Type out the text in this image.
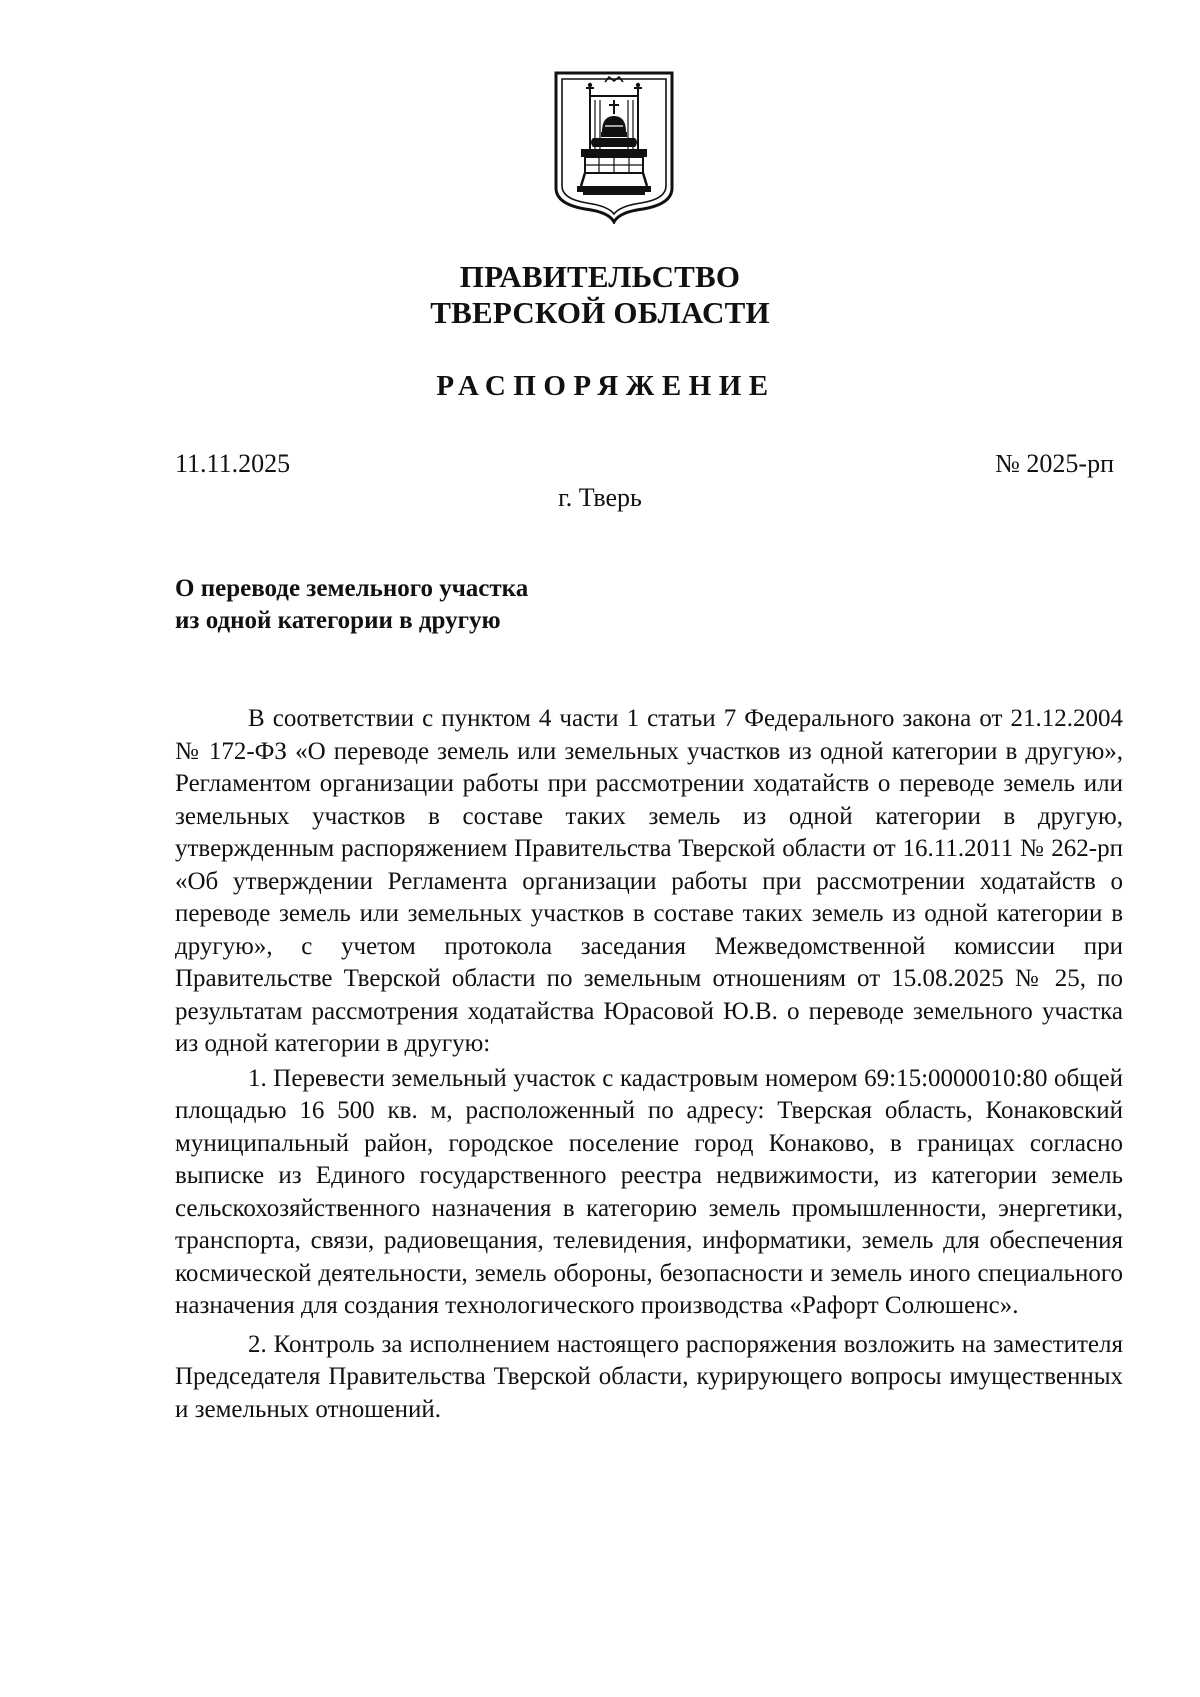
ПРАВИТЕЛЬСТВО
ТВЕРСКОЙ ОБЛАСТИ
РАСПОРЯЖЕНИЕ
11.11.2025	№ 2025-рп
г. Тверь
О переводе земельного участка
из одной категории в другую

В соответствии с пунктом 4 части 1 статьи 7 Федерального закона от 21.12.2004 № 172-ФЗ «О переводе земель или земельных участков из одной категории в другую», Регламентом организации работы при рассмотрении ходатайств о переводе земель или земельных участков в составе таких земель из одной категории в другую, утвержденным распоряжением Правительства Тверской области от 16.11.2011 № 262-рп «Об утверждении Регламента организации работы при рассмотрении ходатайств о переводе земель или земельных участков в составе таких земель из одной категории в другую», с учетом протокола заседания Межведомственной комиссии при Правительстве Тверской области по земельным отношениям от 15.08.2025 № 25, по результатам рассмотрения ходатайства Юрасовой Ю.В. о переводе земельного участка из одной категории в другую:

1. Перевести земельный участок с кадастровым номером 69:15:0000010:80 общей площадью 16 500 кв. м, расположенный по адресу: Тверская область, Конаковский муниципальный район, городское поселение город Конаково, в границах согласно выписке из Единого государственного реестра недвижимости, из категории земель сельскохозяйственного назначения в категорию земель промышленности, энергетики, транспорта, связи, радиовещания, телевидения, информатики, земель для обеспечения космической деятельности, земель обороны, безопасности и земель иного специального назначения для создания технологического производства «Рафорт Солюшенс».

2. Контроль за исполнением настоящего распоряжения возложить на заместителя Председателя Правительства Тверской области, курирующего вопросы имущественных и земельных отношений.
